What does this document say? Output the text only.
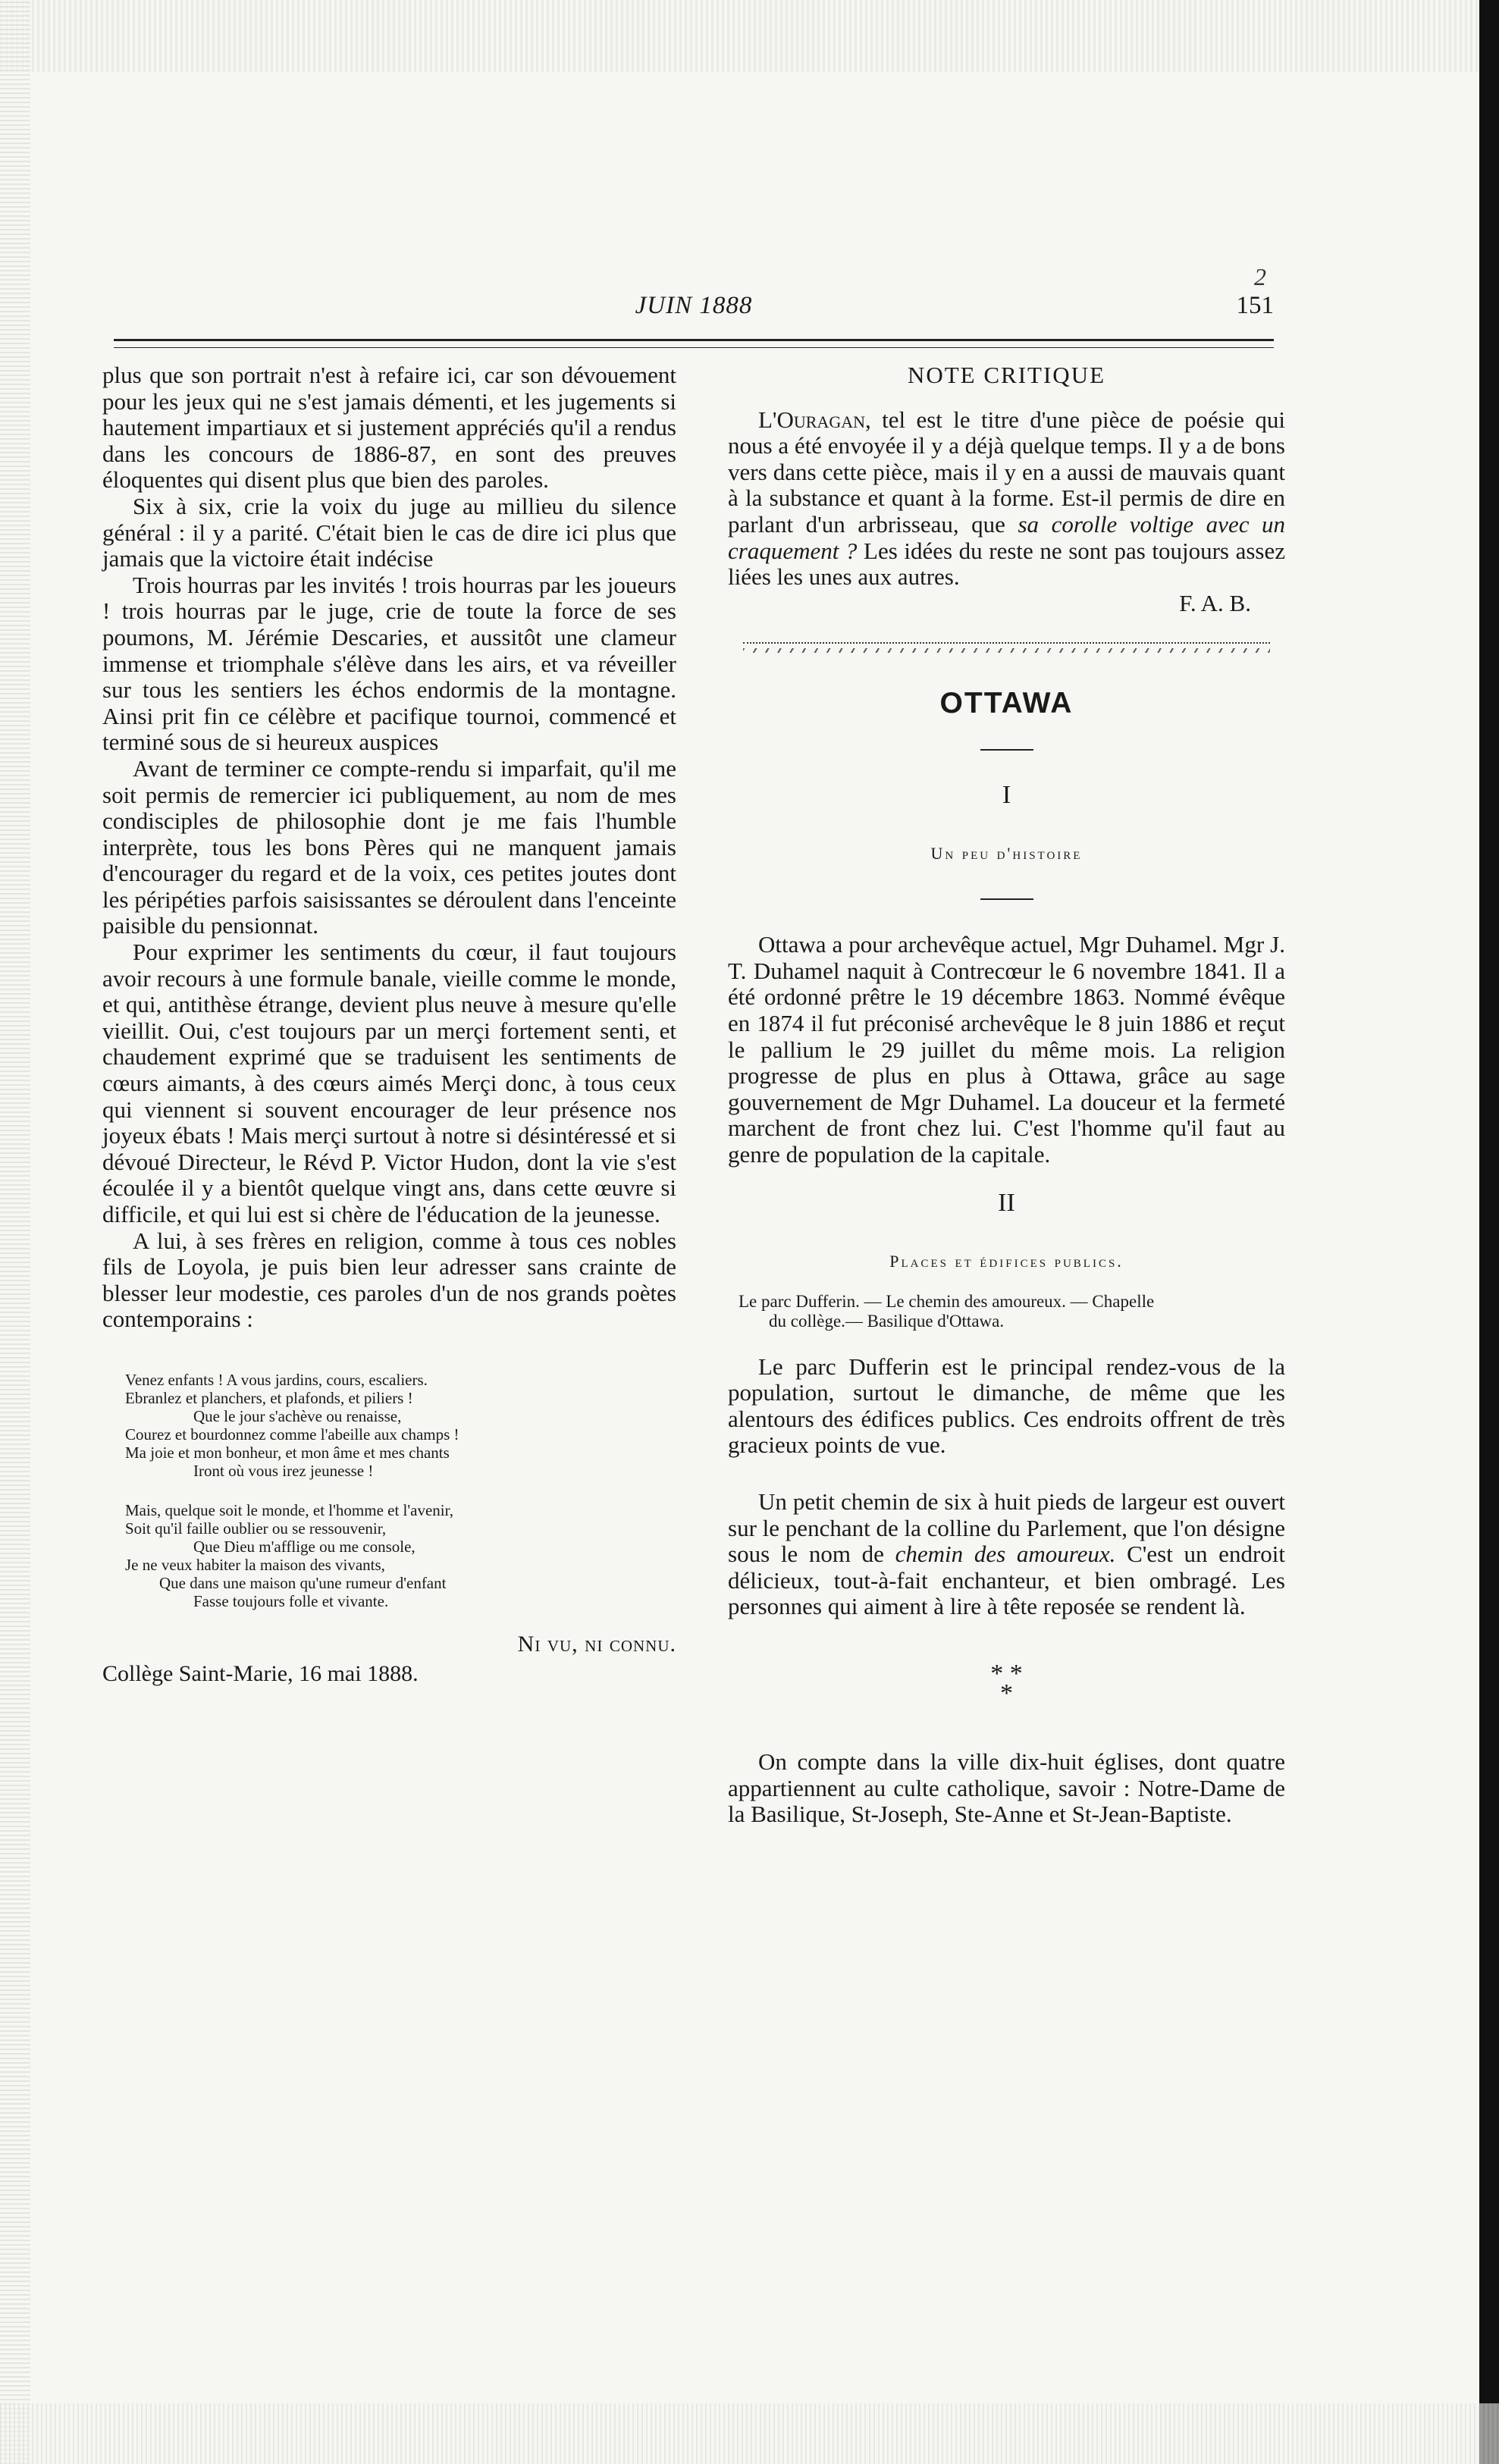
JUIN 1888	151
2

plus que son portrait n'est à refaire ici, car son dévouement pour les jeux qui ne s'est jamais démenti, et les jugements si hautement impartiaux et si justement appréciés qu'il a rendus dans les concours de 1886-87, en sont des preuves éloquentes qui disent plus que bien des paroles.

Six à six, crie la voix du juge au millieu du silence général : il y a parité. C'était bien le cas de dire ici plus que jamais que la victoire était indécise

Trois hourras par les invités ! trois hourras par les joueurs ! trois hourras par le juge, crie de toute la force de ses poumons, M. Jérémie Descaries, et aussitôt une clameur immense et triomphale s'élève dans les airs, et va réveiller sur tous les sentiers les échos endormis de la montagne. Ainsi prit fin ce célèbre et pacifique tournoi, commencé et terminé sous de si heureux auspices

Avant de terminer ce compte-rendu si imparfait, qu'il me soit permis de remercier ici publiquement, au nom de mes condisciples de philosophie dont je me fais l'humble interprète, tous les bons Pères qui ne manquent jamais d'encourager du regard et de la voix, ces petites joutes dont les péripéties parfois saisissantes se déroulent dans l'enceinte paisible du pensionnat.

Pour exprimer les sentiments du cœur, il faut toujours avoir recours à une formule banale, vieille comme le monde, et qui, antithèse étrange, devient plus neuve à mesure qu'elle vieillit. Oui, c'est toujours par un merçi fortement senti, et chaudement exprimé que se traduisent les sentiments de cœurs aimants, à des cœurs aimés Merçi donc, à tous ceux qui viennent si souvent encourager de leur présence nos joyeux ébats ! Mais merçi surtout à notre si désintéressé et si dévoué Directeur, le Révd P. Victor Hudon, dont la vie s'est écoulée il y a bientôt quelque vingt ans, dans cette œuvre si difficile, et qui lui est si chère de l'éducation de la jeunesse.

A lui, à ses frères en religion, comme à tous ces nobles fils de Loyola, je puis bien leur adresser sans crainte de blesser leur modestie, ces paroles d'un de nos grands poètes contemporains :

Venez enfants ! A vous jardins, cours, escaliers.
Ebranlez et planchers, et plafonds, et piliers !
Que le jour s'achève ou renaisse,
Courez et bourdonnez comme l'abeille aux champs !
Ma joie et mon bonheur, et mon âme et mes chants
Iront où vous irez jeunesse !
Mais, quelque soit le monde, et l'homme et l'avenir,
Soit qu'il faille oublier ou se ressouvenir,
Que Dieu m'afflige ou me console,
Je ne veux habiter la maison des vivants,
Que dans une maison qu'une rumeur d'enfant
Fasse toujours folle et vivante.

Ni vu, ni connu.

Collège Saint-Marie, 16 mai 1888.

NOTE CRITIQUE

L'Ouragan, tel est le titre d'une pièce de poésie qui nous a été envoyée il y a déjà quelque temps. Il y a de bons vers dans cette pièce, mais il y en a aussi de mauvais quant à la substance et quant à la forme. Est-il permis de dire en parlant d'un arbrisseau, que sa corolle voltige avec un craquement ? Les idées du reste ne sont pas toujours assez liées les unes aux autres.

F. A. B.

OTTAWA

I

Un peu d'histoire

Ottawa a pour archevêque actuel, Mgr Duhamel. Mgr J. T. Duhamel naquit à Contrecœur le 6 novembre 1841. Il a été ordonné prêtre le 19 décembre 1863. Nommé évêque en 1874 il fut préconisé archevêque le 8 juin 1886 et reçut le pallium le 29 juillet du même mois. La religion progresse de plus en plus à Ottawa, grâce au sage gouvernement de Mgr Duhamel. La douceur et la fermeté marchent de front chez lui. C'est l'homme qu'il faut au genre de population de la capitale.

II

Places et édifices publics.

Le parc Dufferin. — Le chemin des amoureux. — Chapelle
du collège.— Basilique d'Ottawa.

Le parc Dufferin est le principal rendez-vous de la population, surtout le dimanche, de même que les alentours des édifices publics. Ces endroits offrent de très gracieux points de vue.

Un petit chemin de six à huit pieds de largeur est ouvert sur le penchant de la colline du Parlement, que l'on désigne sous le nom de chemin des amoureux. C'est un endroit délicieux, tout-à-fait enchanteur, et bien ombragé. Les personnes qui aiment à lire à tête reposée se rendent là.

* *
*

On compte dans la ville dix-huit églises, dont quatre appartiennent au culte catholique, savoir : Notre-Dame de la Basilique, St-Joseph, Ste-Anne et St-Jean-Baptiste.
